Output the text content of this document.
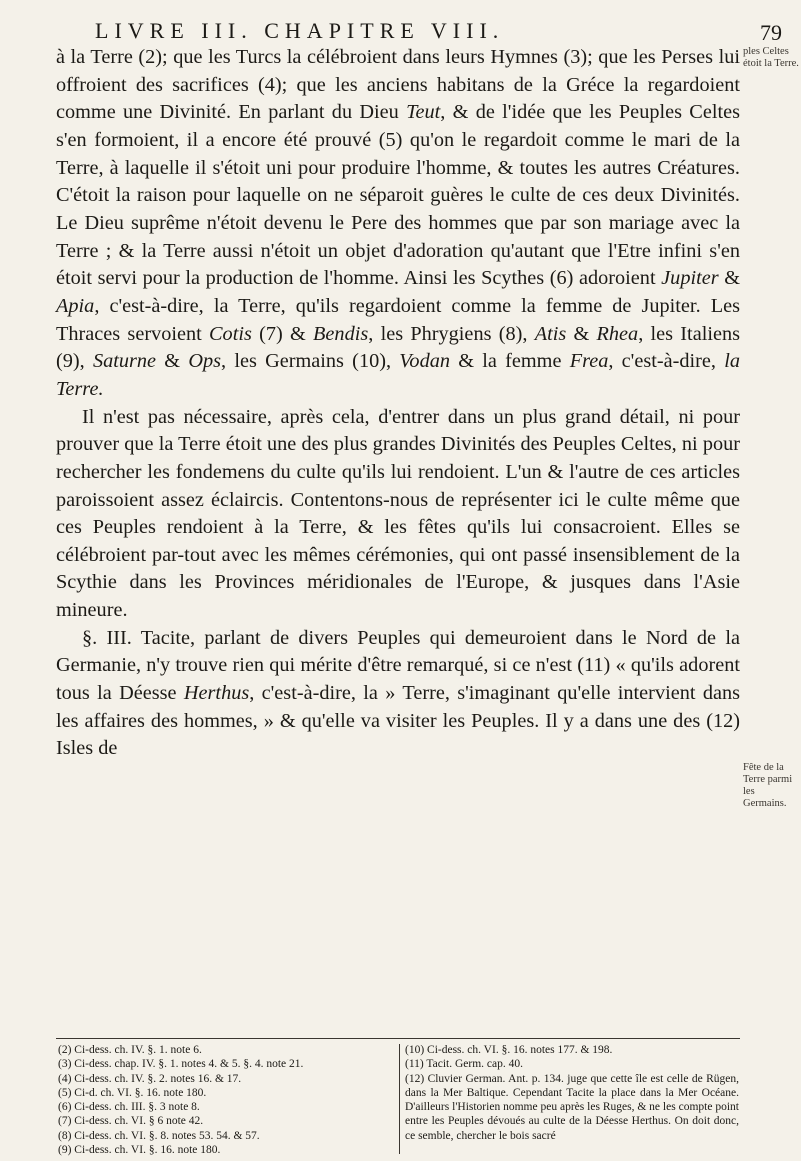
LIVRE III. CHAPITRE VIII.	79
ples Celtes
étoit la Terre.
Fête de la
Terre parmi
les Germains.

à la Terre (2); que les Turcs la célébroient dans leurs Hymnes (3); que les Perses lui offroient des sacrifices (4); que les anciens habitans de la Gréce la regardoient comme une Divinité. En parlant du Dieu Teut, & de l'idée que les Peuples Celtes s'en formoient, il a encore été prouvé (5) qu'on le regardoit comme le mari de la Terre, à laquelle il s'étoit uni pour produire l'homme, & toutes les autres Créatures. C'étoit la raison pour laquelle on ne séparoit guères le culte de ces deux Divinités. Le Dieu suprême n'étoit devenu le Pere des hommes que par son mariage avec la Terre ; & la Terre aussi n'étoit un objet d'adoration qu'autant que l'Etre infini s'en étoit servi pour la production de l'homme. Ainsi les Scythes (6) adoroient Jupiter & Apia, c'est-à-dire, la Terre, qu'ils regardoient comme la femme de Jupiter. Les Thraces servoient Cotis (7) & Bendis, les Phrygiens (8), Atis & Rhea, les Italiens (9), Saturne & Ops, les Germains (10), Vodan & la femme Frea, c'est-à-dire, la Terre.

Il n'est pas nécessaire, après cela, d'entrer dans un plus grand détail, ni pour prouver que la Terre étoit une des plus grandes Divinités des Peuples Celtes, ni pour rechercher les fondemens du culte qu'ils lui rendoient. L'un & l'autre de ces articles paroissoient assez éclaircis. Contentons-nous de représenter ici le culte même que ces Peuples rendoient à la Terre, & les fêtes qu'ils lui consacroient. Elles se célébroient par-tout avec les mêmes cérémonies, qui ont passé insensiblement de la Scythie dans les Provinces méridionales de l'Europe, & jusques dans l'Asie mineure.

§. III. Tacite, parlant de divers Peuples qui demeuroient dans le Nord de la Germanie, n'y trouve rien qui mérite d'être remarqué, si ce n'est (11) « qu'ils adorent tous la Déesse Herthus, c'est-à-dire, la » Terre, s'imaginant qu'elle intervient dans les affaires des hommes, » & qu'elle va visiter les Peuples. Il y a dans une des (12) Isles de

(2) Ci-dess. ch. IV. §. 1. note 6.
(3) Ci-dess. chap. IV. §. 1. notes 4. & 5. §. 4. note 21.
(4) Ci-dess. ch. IV. §. 2. notes 16. & 17.
(5) Ci-d. ch. VI. §. 16. note 180.
(6) Ci-dess. ch. III. §. 3 note 8.
(7) Ci-dess. ch. VI. § 6 note 42.
(8) Ci-dess. ch. VI. §. 8. notes 53. 54. & 57.
(9) Ci-dess. ch. VI. §. 16. note 180.
(10) Ci-dess. ch. VI. §. 16. notes 177. & 198.
(11) Tacit. Germ. cap. 40.
(12) Cluvier German. Ant. p. 134. juge que cette île est celle de Rügen, dans la Mer Baltique. Cependant Tacite la place dans la Mer Océane. D'ailleurs l'Historien nomme peu après les Ruges, & ne les compte point entre les Peuples dévoués au culte de la Déesse Herthus. On doit donc, ce semble, chercher le bois sacré
